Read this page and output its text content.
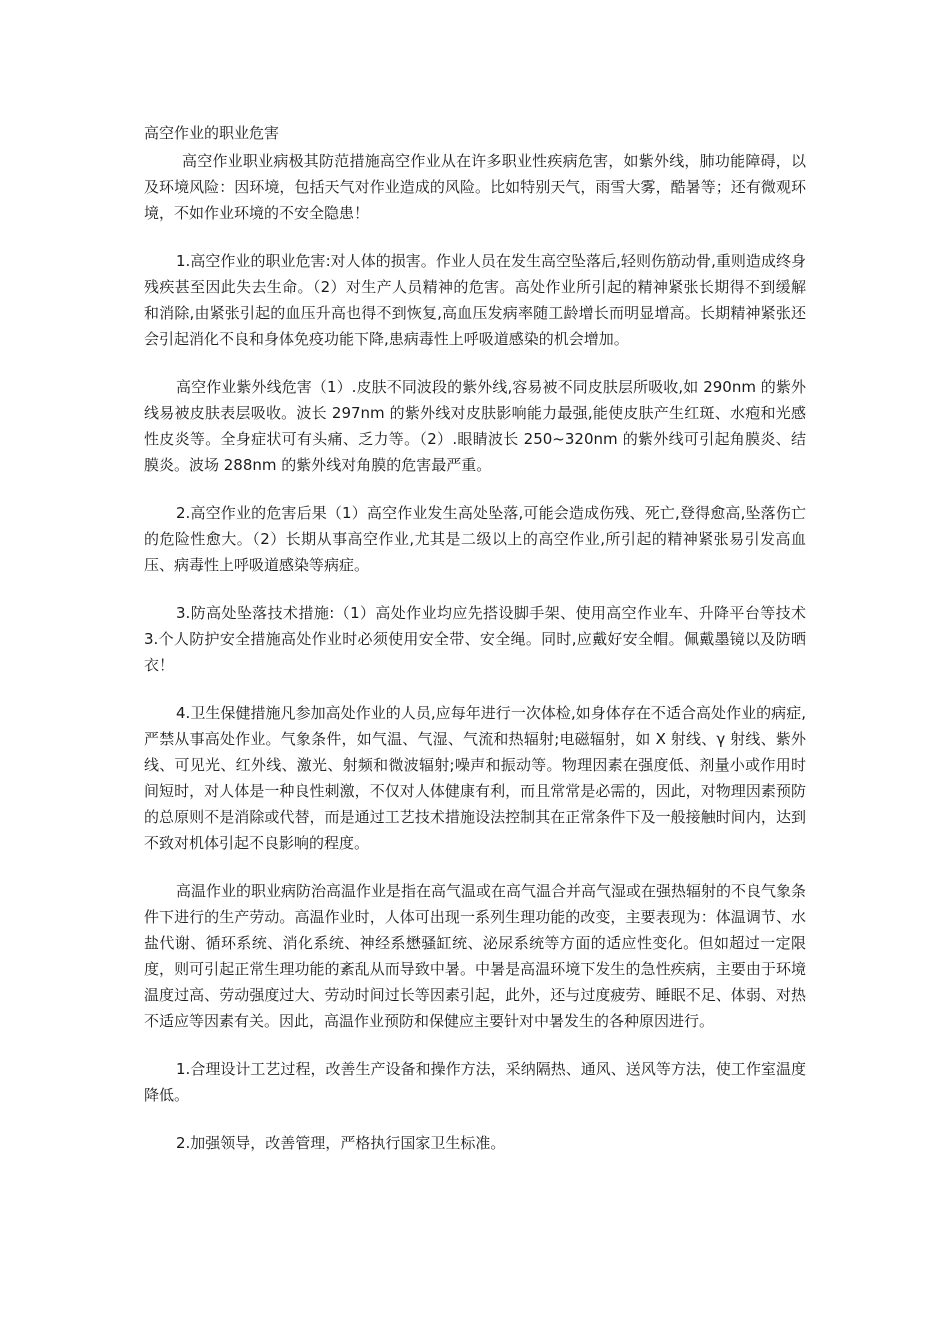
高空作业的职业危害

高空作业职业病极其防范措施高空作业从在许多职业性疾病危害，如紫外线，肺功能障碍，以及环境风险：因环境，包括天气对作业造成的风险。比如特别天气，雨雪大雾，酷暑等；还有微观环境，不如作业环境的不安全隐患！

1.高空作业的职业危害:对人体的损害。作业人员在发生高空坠落后,轻则伤筋动骨,重则造成终身残疾甚至因此失去生命。（2）对生产人员精神的危害。高处作业所引起的精神紧张长期得不到缓解和消除,由紧张引起的血压升高也得不到恢复,高血压发病率随工龄增长而明显增高。长期精神紧张还会引起消化不良和身体免疫功能下降,患病毒性上呼吸道感染的机会增加。

高空作业紫外线危害（1）.皮肤不同波段的紫外线,容易被不同皮肤层所吸收,如 290nm 的紫外线易被皮肤表层吸收。波长 297nm 的紫外线对皮肤影响能力最强,能使皮肤产生红斑、水疱和光感性皮炎等。全身症状可有头痛、乏力等。（2）.眼睛波长 250~320nm 的紫外线可引起角膜炎、结膜炎。波场 288nm 的紫外线对角膜的危害最严重。

2.高空作业的危害后果（1）高空作业发生高处坠落,可能会造成伤残、死亡,登得愈高,坠落伤亡的危险性愈大。（2）长期从事高空作业,尤其是二级以上的高空作业,所引起的精神紧张易引发高血压、病毒性上呼吸道感染等病症。

3.防高处坠落技术措施:（1）高处作业均应先搭设脚手架、使用高空作业车、升降平台等技术 3.个人防护安全措施高处作业时必须使用安全带、安全绳。同时,应戴好安全帽。佩戴墨镜以及防晒衣！

4.卫生保健措施凡参加高处作业的人员,应每年进行一次体检,如身体存在不适合高处作业的病症,严禁从事高处作业。气象条件，如气温、气湿、气流和热辐射;电磁辐射，如 X 射线、γ 射线、紫外线、可见光、红外线、激光、射频和微波辐射;噪声和振动等。物理因素在强度低、剂量小或作用时间短时，对人体是一种良性刺激，不仅对人体健康有利，而且常常是必需的，因此，对物理因素预防的总原则不是消除或代替，而是通过工艺技术措施设法控制其在正常条件下及一般接触时间内，达到不致对机体引起不良影响的程度。

高温作业的职业病防治高温作业是指在高气温或在高气温合并高气湿或在强热辐射的不良气象条件下进行的生产劳动。高温作业时，人体可出现一系列生理功能的改变，主要表现为：体温调节、水盐代谢、循环系统、消化系统、神经系懋骚缸统、泌尿系统等方面的适应性变化。但如超过一定限度，则可引起正常生理功能的紊乱从而导致中暑。中暑是高温环境下发生的急性疾病，主要由于环境温度过高、劳动强度过大、劳动时间过长等因素引起，此外，还与过度疲劳、睡眠不足、体弱、对热不适应等因素有关。因此，高温作业预防和保健应主要针对中暑发生的各种原因进行。

1.合理设计工艺过程，改善生产设备和操作方法，采纳隔热、通风、送风等方法，使工作室温度降低。

2.加强领导，改善管理，严格执行国家卫生标准。
